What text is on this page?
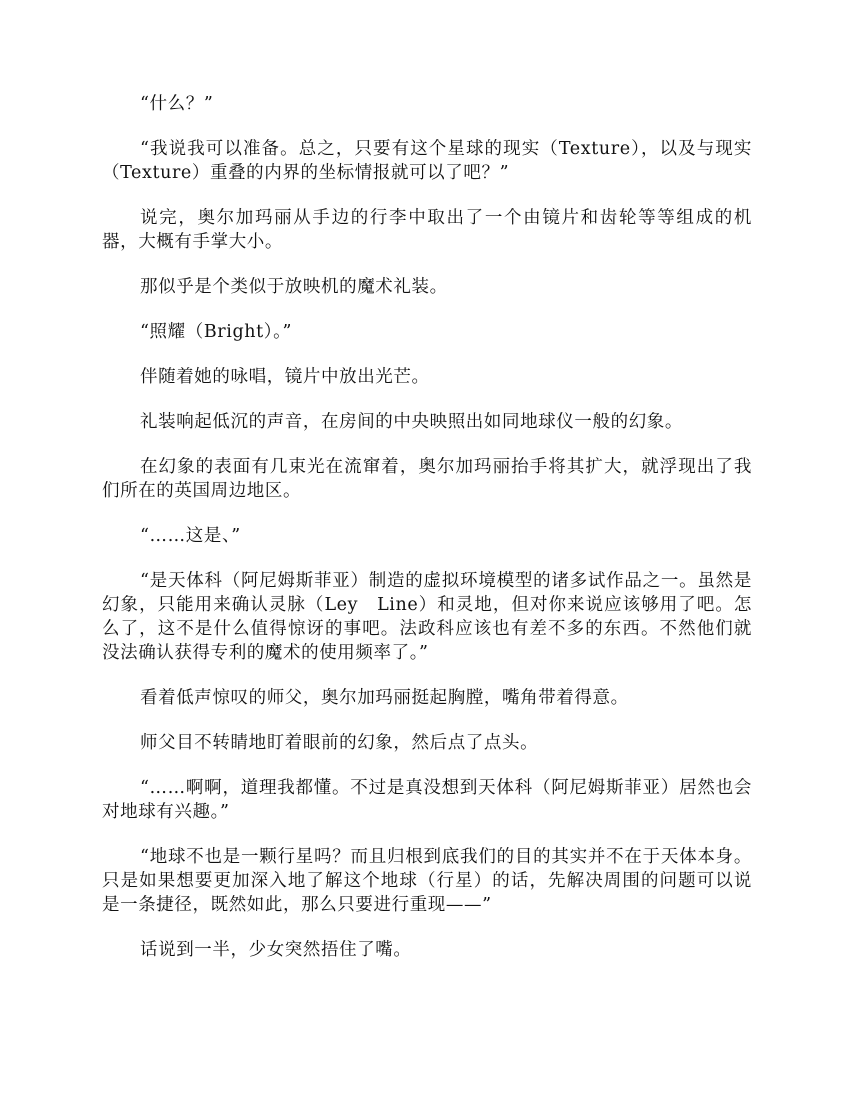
“什么？”

“我说我可以准备。总之，只要有这个星球的现实（Texture），以及与现实（Texture）重叠的内界的坐标情报就可以了吧？”

说完，奥尔加玛丽从手边的行李中取出了一个由镜片和齿轮等等组成的机器，大概有手掌大小。

那似乎是个类似于放映机的魔术礼装。

“照耀（Bright）。”

伴随着她的咏唱，镜片中放出光芒。

礼装响起低沉的声音，在房间的中央映照出如同地球仪一般的幻象。

在幻象的表面有几束光在流窜着，奥尔加玛丽抬手将其扩大，就浮现出了我们所在的英国周边地区。

“……这是、”

“是天体科（阿尼姆斯菲亚）制造的虚拟环境模型的诸多试作品之一。虽然是幻象，只能用来确认灵脉（Ley　Line）和灵地，但对你来说应该够用了吧。怎么了，这不是什么值得惊讶的事吧。法政科应该也有差不多的东西。不然他们就没法确认获得专利的魔术的使用频率了。”

看着低声惊叹的师父，奥尔加玛丽挺起胸膛，嘴角带着得意。

师父目不转睛地盯着眼前的幻象，然后点了点头。

“……啊啊，道理我都懂。不过是真没想到天体科（阿尼姆斯菲亚）居然也会对地球有兴趣。”

“地球不也是一颗行星吗？而且归根到底我们的目的其实并不在于天体本身。只是如果想要更加深入地了解这个地球（行星）的话，先解决周围的问题可以说是一条捷径，既然如此，那么只要进行重现——”

话说到一半，少女突然捂住了嘴。
